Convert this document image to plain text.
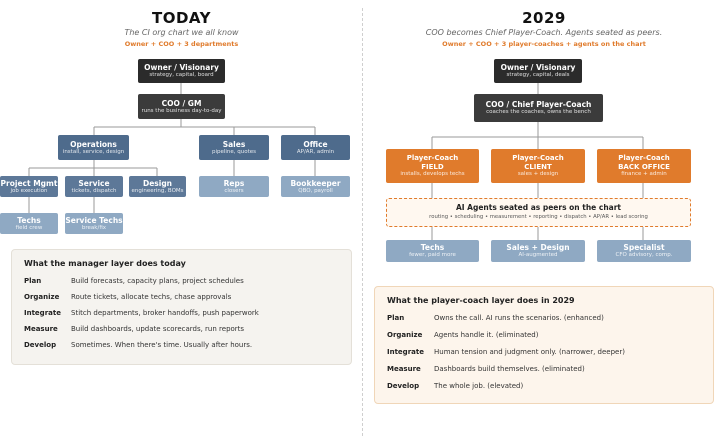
TODAY
The CI org chart we all know
Owner + COO + 3 departments
Owner / Visionary
strategy, capital, board
COO / GM
runs the business day-to-day
Operations
install, service, design
Sales
pipeline, quotes
Office
AP/AR, admin
Project Mgmt
job execution
Service
tickets, dispatch
Design
engineering, BOMs
Reps
closers
Bookkeeper
QBO, payroll
Techs
field crew
Service Techs
break/fix
What the manager layer does today
Plan	Build forecasts, capacity plans, project schedules
Organize Route tickets, allocate techs, chase approvals
Integrate Stitch departments, broker handoffs, push paperwork
Measure Build dashboards, update scorecards, run reports
Develop Sometimes. When there's time. Usually after hours.
2029
COO becomes Chief Player-Coach. Agents seated as peers.
Owner + COO + 3 player-coaches + agents on the chart
Owner / Visionary
strategy, capital, deals
COO / Chief Player-Coach
coaches the coaches, owns the bench
Player-Coach
FIELD
installs, develops techs
Player-Coach
CLIENT
sales + design
Player-Coach
BACK OFFICE
finance + admin
AI Agents seated as peers on the chart
routing • scheduling • measurement • reporting • dispatch • AP/AR • lead scoring
Techs
fewer, paid more
Sales + Design
AI-augmented
Specialist
CFO advisory, comp.
What the player-coach layer does in 2029
Plan	Owns the call. AI runs the scenarios. (enhanced)
Organize Agents handle it. (eliminated)
Integrate Human tension and judgment only. (narrower, deeper)
Measure Dashboards build themselves. (eliminated)
Develop The whole job. (elevated)
